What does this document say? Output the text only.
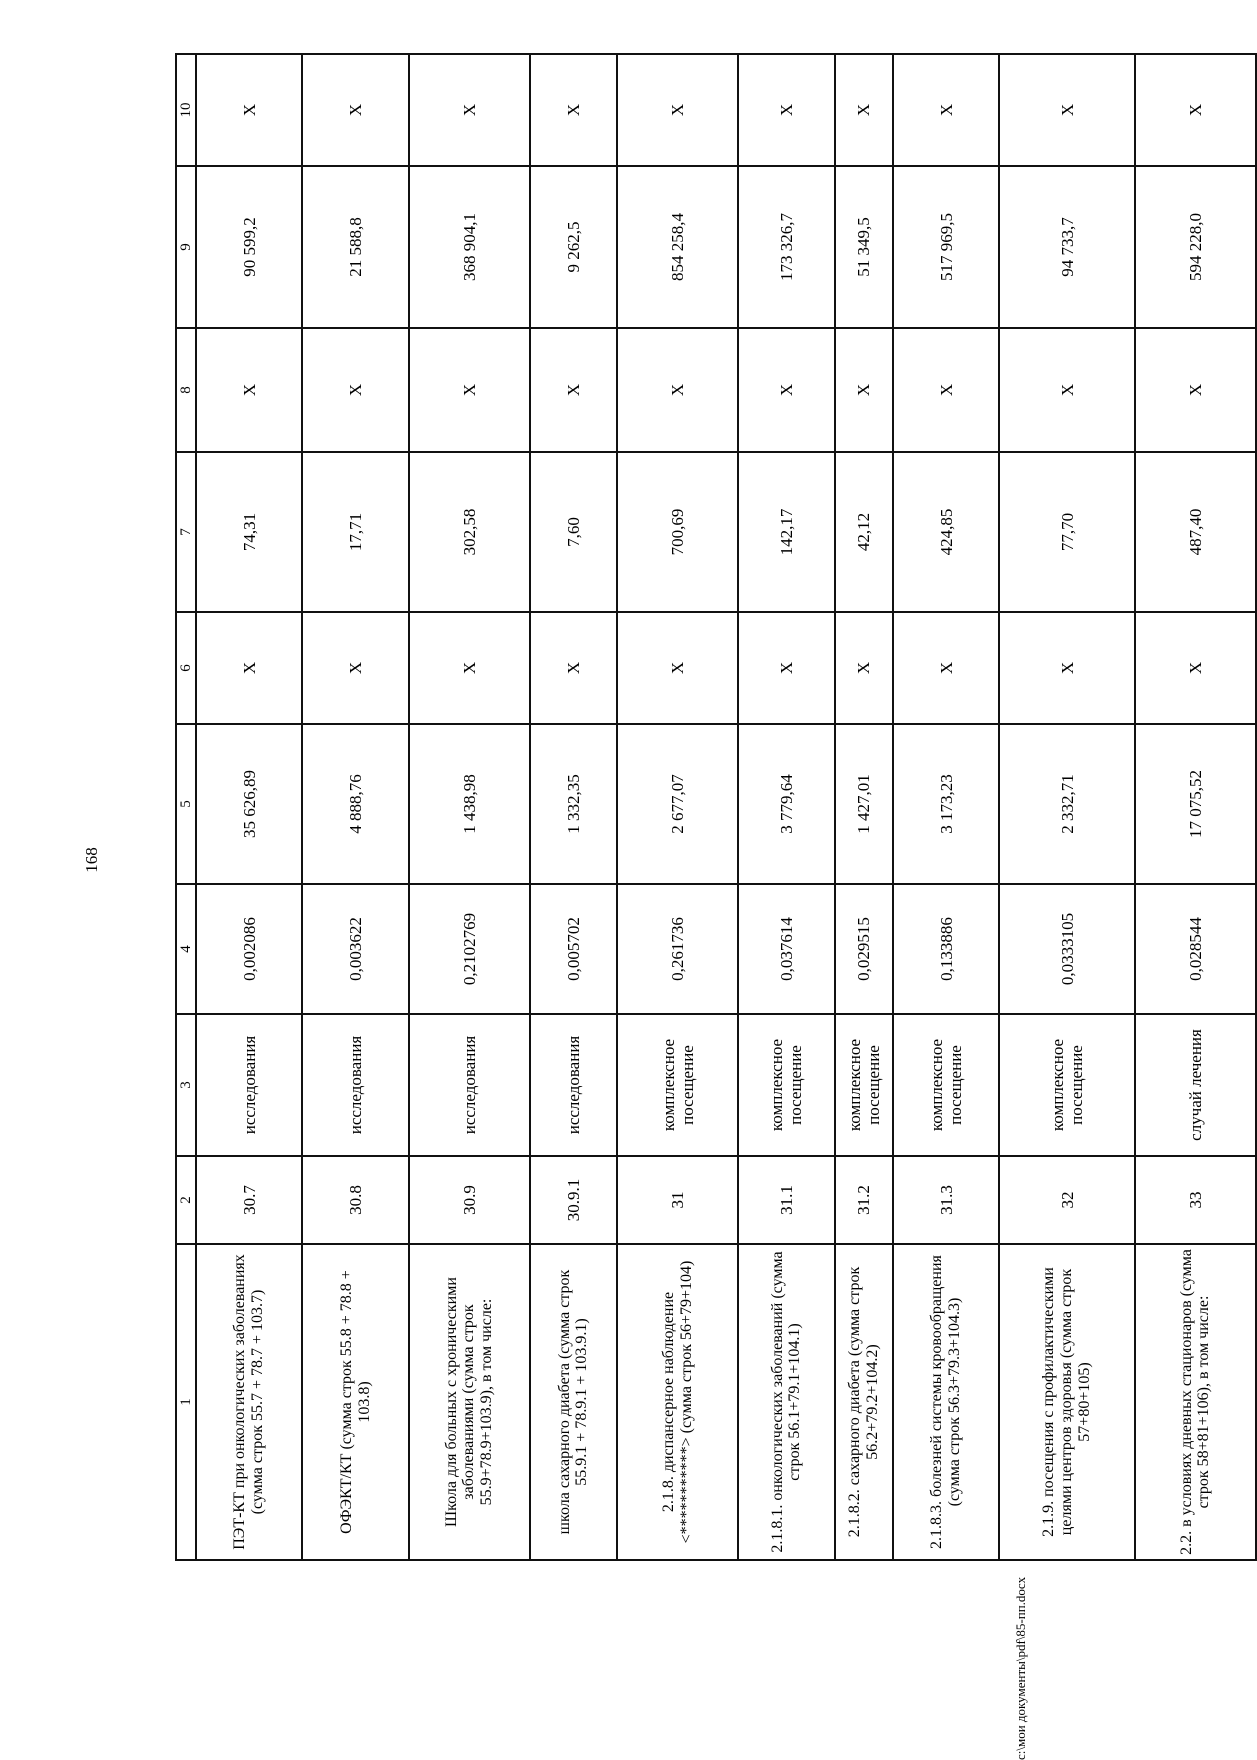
168
1	2	3	4	5	6	7	8	9	10
ПЭТ-КТ при онкологических заболеваниях (сумма строк 55.7 + 78.7 + 103.7)	30.7	исследования	0,002086	35 626,89	Х	74,31	Х	90 599,2	Х
ОФЭКТ/КТ (сумма строк 55.8 + 78.8 + 103.8)	30.8	исследования	0,003622	4 888,76	Х	17,71	Х	21 588,8	Х
Школа для больных с хроническими заболеваниями (сумма строк 55.9+78.9+103.9), в том числе:	30.9	исследования	0,2102769	1 438,98	Х	302,58	Х	368 904,1	Х
школа сахарного диабета (сумма строк 55.9.1 + 78.9.1 + 103.9.1)	30.9.1	исследования	0,005702	1 332,35	Х	7,60	Х	9 262,5	Х
2.1.8. диспансерное наблюдение <***********> (сумма строк 56+79+104)	31	комплексное посещение	0,261736	2 677,07	Х	700,69	Х	854 258,4	Х
2.1.8.1. онкологических заболеваний (сумма строк 56.1+79.1+104.1)	31.1	комплексное посещение	0,037614	3 779,64	Х	142,17	Х	173 326,7	Х
2.1.8.2. сахарного диабета (сумма строк 56.2+79.2+104.2)	31.2	комплексное посещение	0,029515	1 427,01	Х	42,12	Х	51 349,5	Х
2.1.8.3. болезней системы кровообращения (сумма строк 56.3+79.3+104.3)	31.3	комплексное посещение	0,133886	3 173,23	Х	424,85	Х	517 969,5	Х
2.1.9. посещения с профилактическими целями центров здоровья (сумма строк 57+80+105)	32	комплексное посещение	0,0333105	2 332,71	Х	77,70	Х	94 733,7	Х
2.2. в условиях дневных стационаров (сумма строк 58+81+106), в том числе:	33	случай лечения	0,028544	17 075,52	Х	487,40	Х	594 228,0	Х
c:\мои документы\pdf\85-пп.docx
